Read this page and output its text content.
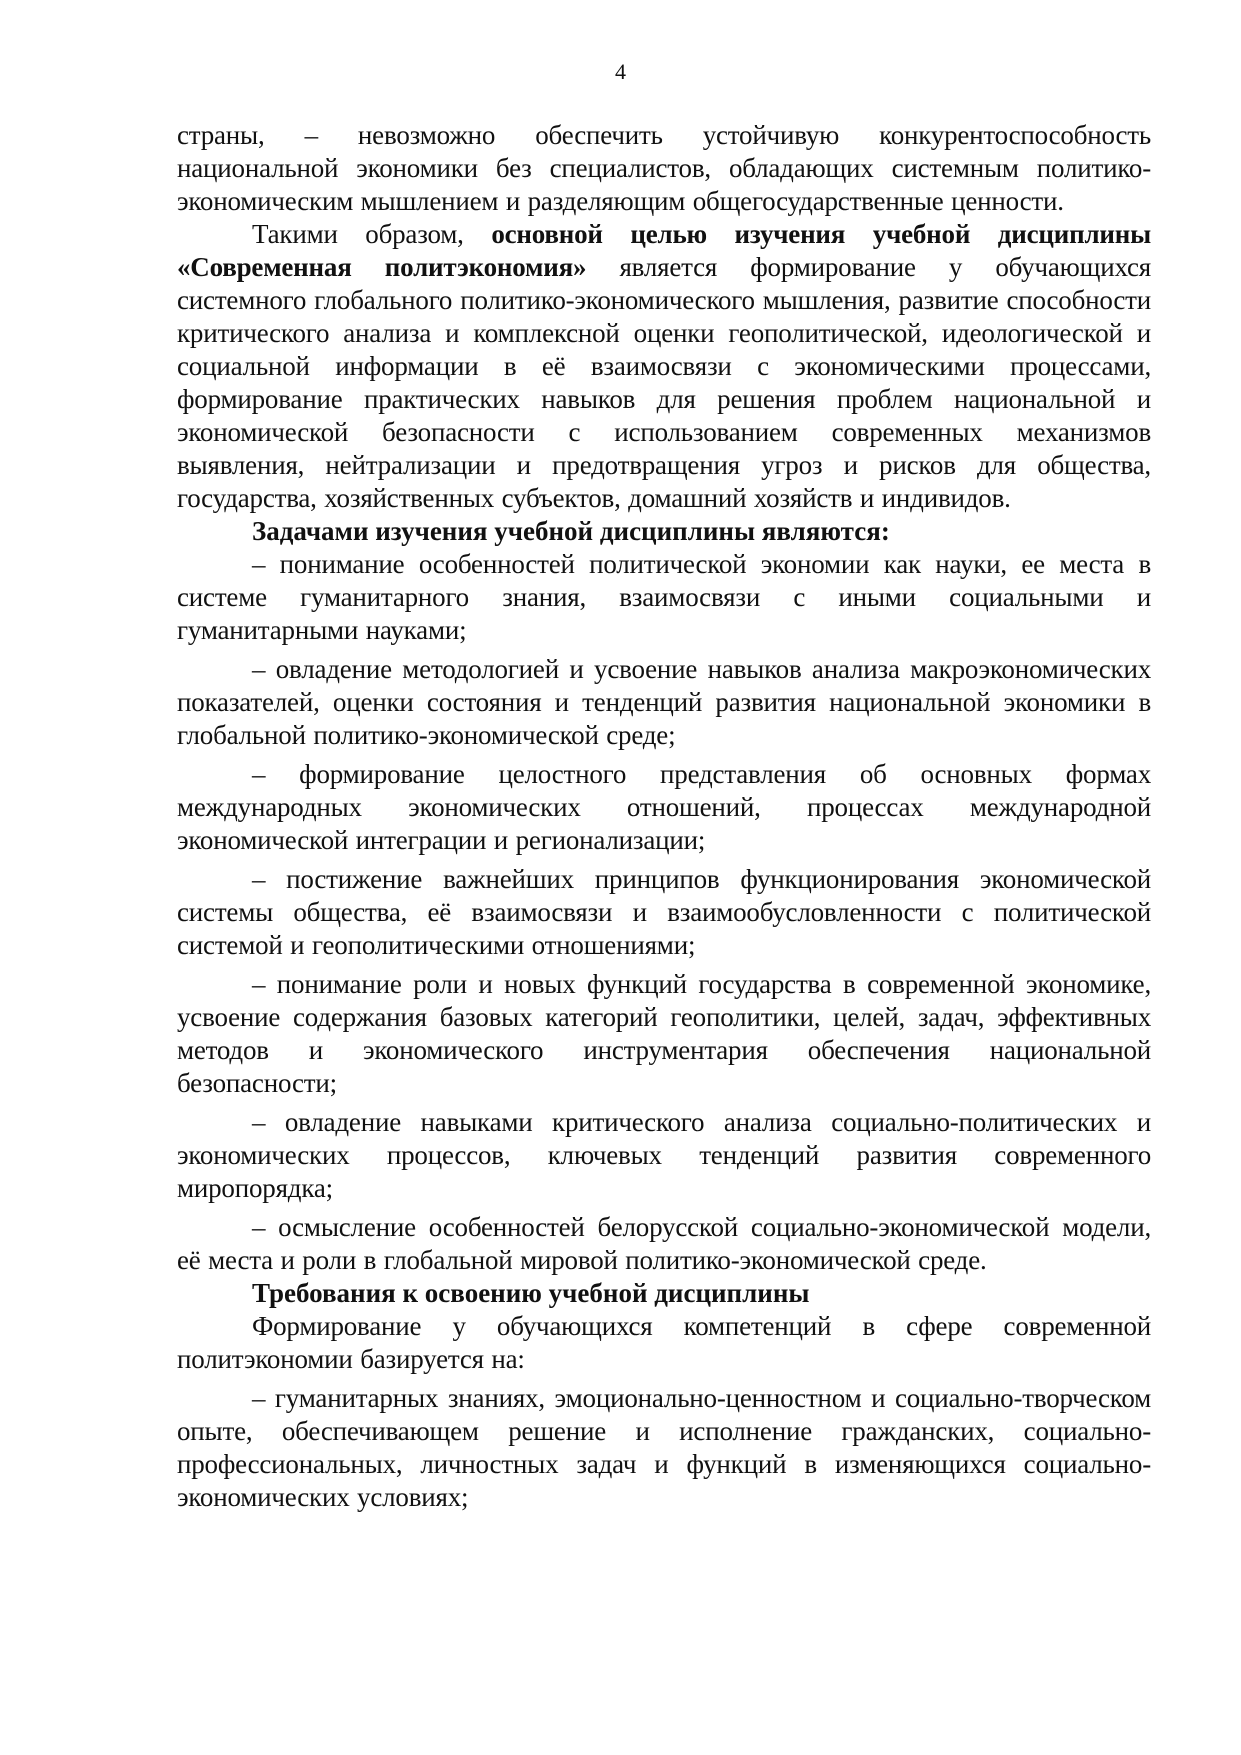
4

страны, – невозможно обеспечить устойчивую конкурентоспособность национальной экономики без специалистов, обладающих системным политико-экономическим мышлением и разделяющим общегосударственные ценности.

Такими образом, основной целью изучения учебной дисциплины «Современная политэкономия» является формирование у обучающихся системного глобального политико-экономического мышления, развитие способности критического анализа и комплексной оценки геополитической, идеологической и социальной информации в её взаимосвязи с экономическими процессами, формирование практических навыков для решения проблем национальной и экономической безопасности с использованием современных механизмов выявления, нейтрализации и предотвращения угроз и рисков для общества, государства, хозяйственных субъектов, домашний хозяйств и индивидов.

Задачами изучения учебной дисциплины являются:

– понимание особенностей политической экономии как науки, ее места в системе гуманитарного знания, взаимосвязи с иными социальными и гуманитарными науками;

– овладение методологией и усвоение навыков анализа макроэкономических показателей, оценки состояния и тенденций развития национальной экономики в глобальной политико-экономической среде;

– формирование целостного представления об основных формах международных экономических отношений, процессах международной экономической интеграции и регионализации;

– постижение важнейших принципов функционирования экономической системы общества, её взаимосвязи и взаимообусловленности с политической системой и геополитическими отношениями;

– понимание роли и новых функций государства в современной экономике, усвоение содержания базовых категорий геополитики, целей, задач, эффективных методов и экономического инструментария обеспечения национальной безопасности;

– овладение навыками критического анализа социально-политических и экономических процессов, ключевых тенденций развития современного миропорядка;

– осмысление особенностей белорусской социально-экономической модели, её места и роли в глобальной мировой политико-экономической среде.

Требования к освоению учебной дисциплины

Формирование у обучающихся компетенций в сфере современной политэкономии базируется на:

– гуманитарных знаниях, эмоционально-ценностном и социально-творческом опыте, обеспечивающем решение и исполнение гражданских, социально-профессиональных, личностных задач и функций в изменяющихся социально-экономических условиях;
